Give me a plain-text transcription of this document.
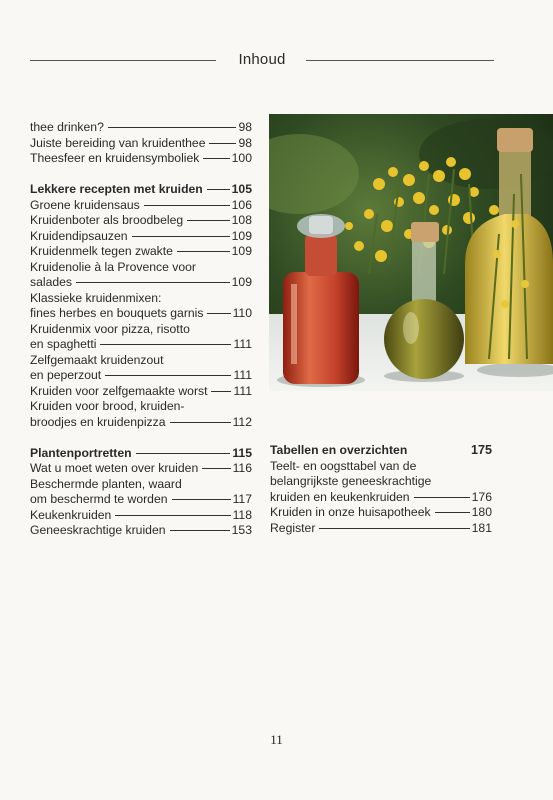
Inhoud
thee drinken?	98
Juiste bereiding van kruidenthee	98
Theesfeer en kruidensymboliek	100
Lekkere recepten met kruiden 105
Groene kruidensaus	106
Kruidenboter als broodbeleg	108
Kruidendipsauzen	109
Kruidenmelk tegen zwakte	109
Kruidenolie à la Provence voor
salades	109
Klassieke kruidenmixen:
fines herbes en bouquets garnis 110
Kruidenmix voor pizza, risotto
en spaghetti	111
Zelfgemaakt kruidenzout
en peperzout	111
Kruiden voor zelfgemaakte worst 111
Kruiden voor brood, kruiden-
broodjes en kruidenpizza	112
Plantenportretten	115
Wat u moet weten over kruiden	116
Beschermde planten, waard
om beschermd te worden	117
Keukenkruiden	118
Geneeskrachtige kruiden	153
Tabellen en overzichten	175
Teelt- en oogsttabel van de
belangrijkste geneeskrachtige
kruiden en keukenkruiden	176
Kruiden in onze huisapotheek	180
Register	181
11
